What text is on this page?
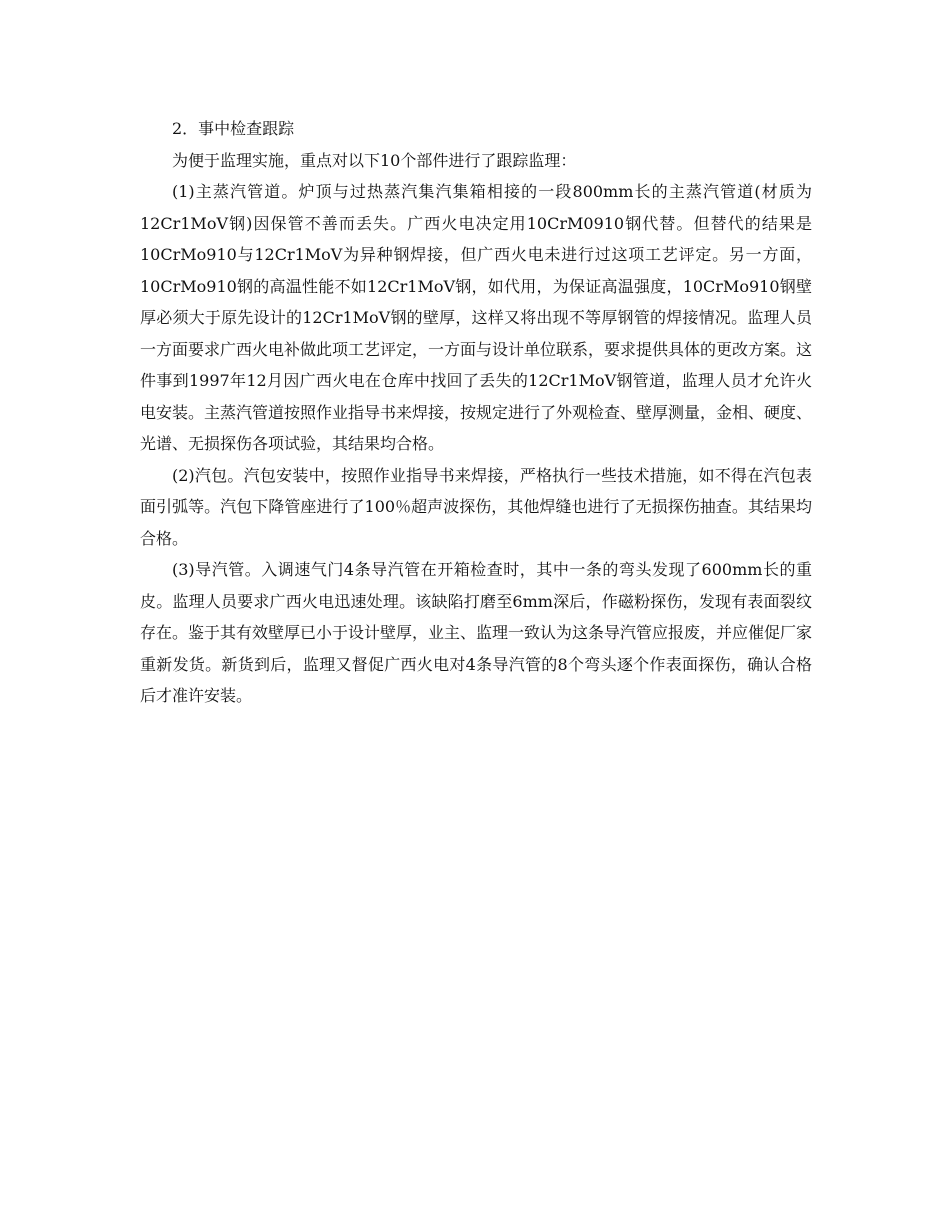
2．事中检查跟踪

为便于监理实施，重点对以下10个部件进行了跟踪监理：

(1)主蒸汽管道。炉顶与过热蒸汽集汽集箱相接的一段800mm长的主蒸汽管道(材质为12Cr1MoV钢)因保管不善而丢失。广西火电决定用10CrM0910钢代替。但替代的结果是10CrMo910与12Cr1MoV为异种钢焊接，但广西火电未进行过这项工艺评定。另一方面，10CrMo910钢的高温性能不如12Cr1MoV钢，如代用，为保证高温强度，10CrMo910钢壁厚必须大于原先设计的12Cr1MoV钢的壁厚，这样又将出现不等厚钢管的焊接情况。监理人员一方面要求广西火电补做此项工艺评定，一方面与设计单位联系，要求提供具体的更改方案。这件事到1997年12月因广西火电在仓库中找回了丢失的12Cr1MoV钢管道，监理人员才允许火电安装。主蒸汽管道按照作业指导书来焊接，按规定进行了外观检查、壁厚测量，金相、硬度、光谱、无损探伤各项试验，其结果均合格。

(2)汽包。汽包安装中，按照作业指导书来焊接，严格执行一些技术措施，如不得在汽包表面引弧等。汽包下降管座进行了100％超声波探伤，其他焊缝也进行了无损探伤抽查。其结果均合格。

(3)导汽管。入调速气门4条导汽管在开箱检查时，其中一条的弯头发现了600mm长的重皮。监理人员要求广西火电迅速处理。该缺陷打磨至6mm深后，作磁粉探伤，发现有表面裂纹存在。鉴于其有效壁厚已小于设计壁厚，业主、监理一致认为这条导汽管应报废，并应催促厂家重新发货。新货到后，监理又督促广西火电对4条导汽管的8个弯头逐个作表面探伤，确认合格后才准许安装。
